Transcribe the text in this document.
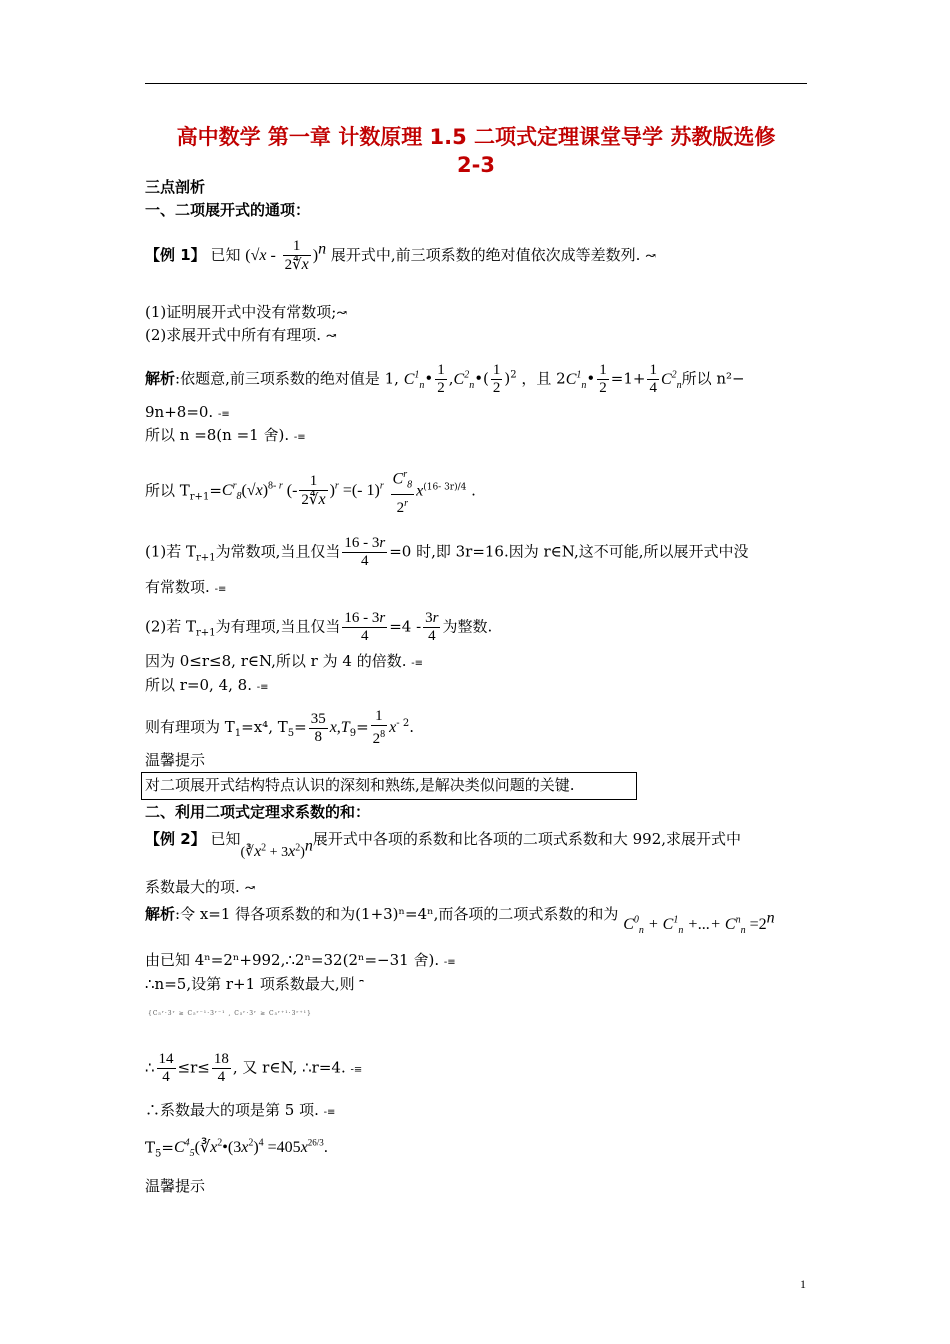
高中数学 第一章 计数原理 1.5 二项式定理课堂导学 苏教版选修
2-3
三点剖析
一、二项展开式的通项：
【例 1】 已知 $(√x - \frac{1}{2∜x} )^n$ 展开式中,前三项系数的绝对值依次成等差数列. ↝
(1)证明展开式中没有常数项;↝
(2)求展开式中所有有理项. ↝
解析:依题意,前三项系数的绝对值是 1, $C^1_n• \frac{1}{2}$ $,C^2_n•( \frac{1}{2} )^2$ ，且 $2C^1_n• \frac{1}{2} =1+ \frac{1}{4} C^2_n$所以 n²−
9n+8=0. -≡
所以 n =8(n =1 舍). -≡
所以 $T_{r+1}=C^r_8(√x)^{8- r}$ (- $\frac{1}{2∜x} )^r$ =(- $1)^r \frac{C^r_8}{2^r} x^{(16- 3r)/4}$ .
(1)若 $T_{r+1}$为常数项,当且仅当 $\frac{16 - 3r}{4} =0$ 时,即 3r=16.因为 r∈N,这不可能,所以展开式中没
有常数项. -≡
(2)若 $T_{r+1}$为有理项,当且仅当 $\frac{16 - 3r}{4} =4 - \frac{3r}{4}$ 为整数.
因为 0≤r≤8, r∈N,所以 r 为 4 的倍数. -≡
所以 r=0, 4, 8. -≡
则有理项为 $T_1=x^4$, $T_5= \frac{35}{8} x,T_9= \frac{1}{2^8} x^{- 2}$.
温馨提示
对二项展开式结构特点认识的深刻和熟练,是解决类似问题的关键.
二、利用二项式定理求系数的和：
【例 2】 已知$(∛x^2 + 3x^2)^n$展开式中各项的系数和比各项的二项式系数和大 992,求展开式中
系数最大的项. ↝
解析:令 x=1 得各项系数的和为(1+3)ⁿ=4ⁿ,而各项的二项式系数的和为 $C^0_n + C^1_n$ +...+ $C^n_n =2^n$
由已知 4ⁿ=2ⁿ+992,∴2ⁿ=32(2ⁿ=−31 舍). -≡
∴n=5,设第 r+1 项系数最大,则 ⎴
{C₅ʳ·3ʳ ≥ C₅ʳ⁻¹·3ʳ⁻¹ , C₅ʳ·3ʳ ≥ C₅ʳ⁺¹·3ʳ⁺¹}
∴ $\frac{14}{4} \le r\le \frac{18}{4}$ , 又 r∈N, ∴r=4. -≡
∴系数最大的项是第 5 项. -≡
$T_5=C^4_5(∛x^2•(3x^2)^4 =405x^{26/3}$.
温馨提示
1
